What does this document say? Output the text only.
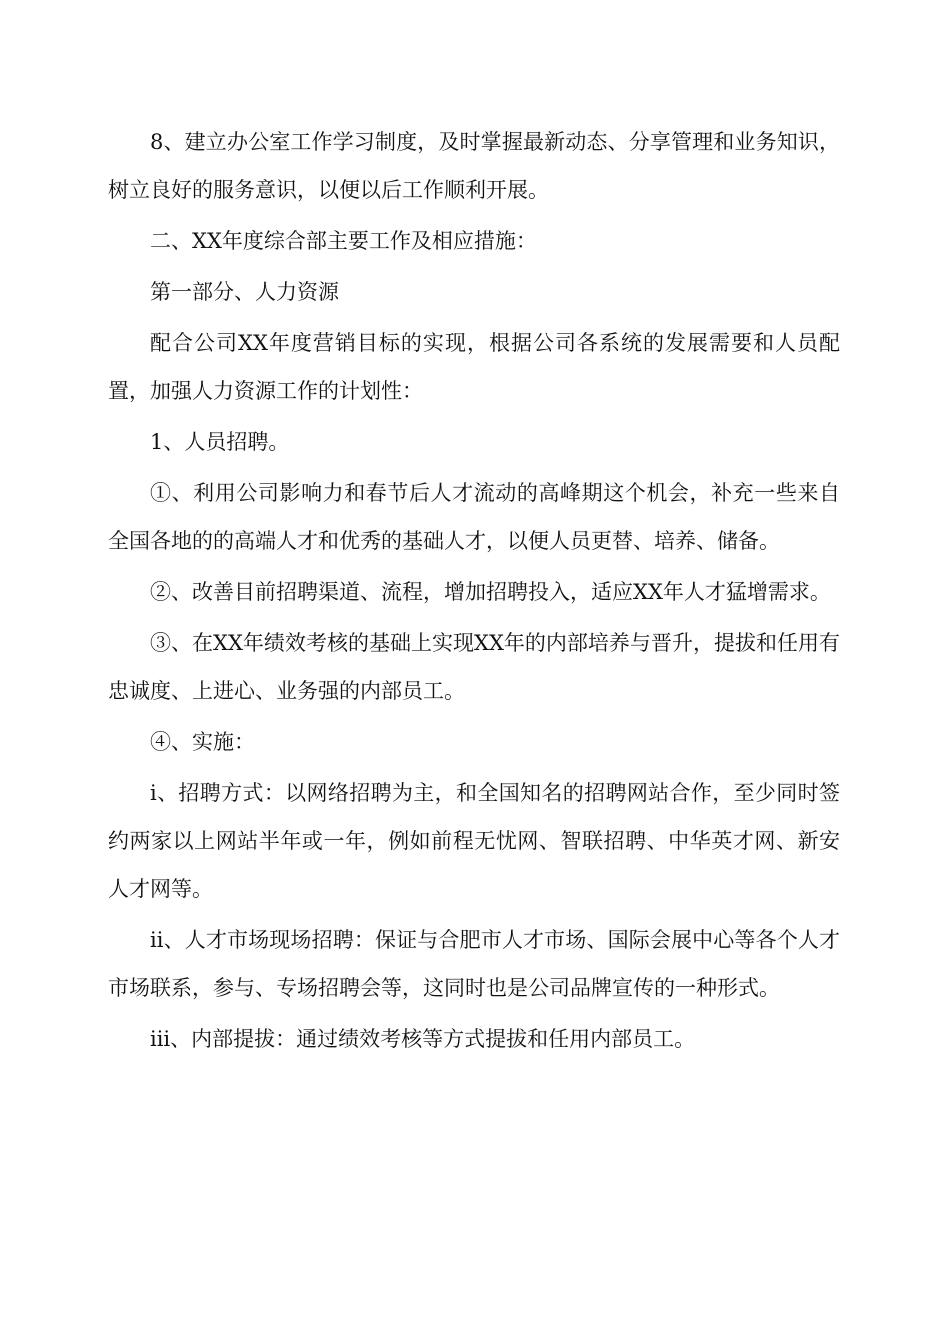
8、建立办公室工作学习制度，及时掌握最新动态、分享管理和业务知识，树立良好的服务意识，以便以后工作顺利开展。

二、XX年度综合部主要工作及相应措施：

第一部分、人力资源

配合公司XX年度营销目标的实现，根据公司各系统的发展需要和人员配置，加强人力资源工作的计划性：

1、人员招聘。

①、利用公司影响力和春节后人才流动的高峰期这个机会，补充一些来自全国各地的的高端人才和优秀的基础人才，以便人员更替、培养、储备。

②、改善目前招聘渠道、流程，增加招聘投入，适应XX年人才猛增需求。

③、在XX年绩效考核的基础上实现XX年的内部培养与晋升，提拔和任用有忠诚度、上进心、业务强的内部员工。

④、实施：

ⅰ、招聘方式：以网络招聘为主，和全国知名的招聘网站合作，至少同时签约两家以上网站半年或一年，例如前程无忧网、智联招聘、中华英才网、新安人才网等。

ⅱ、人才市场现场招聘：保证与合肥市人才市场、国际会展中心等各个人才市场联系，参与、专场招聘会等，这同时也是公司品牌宣传的一种形式。

ⅲ、内部提拔：通过绩效考核等方式提拔和任用内部员工。
